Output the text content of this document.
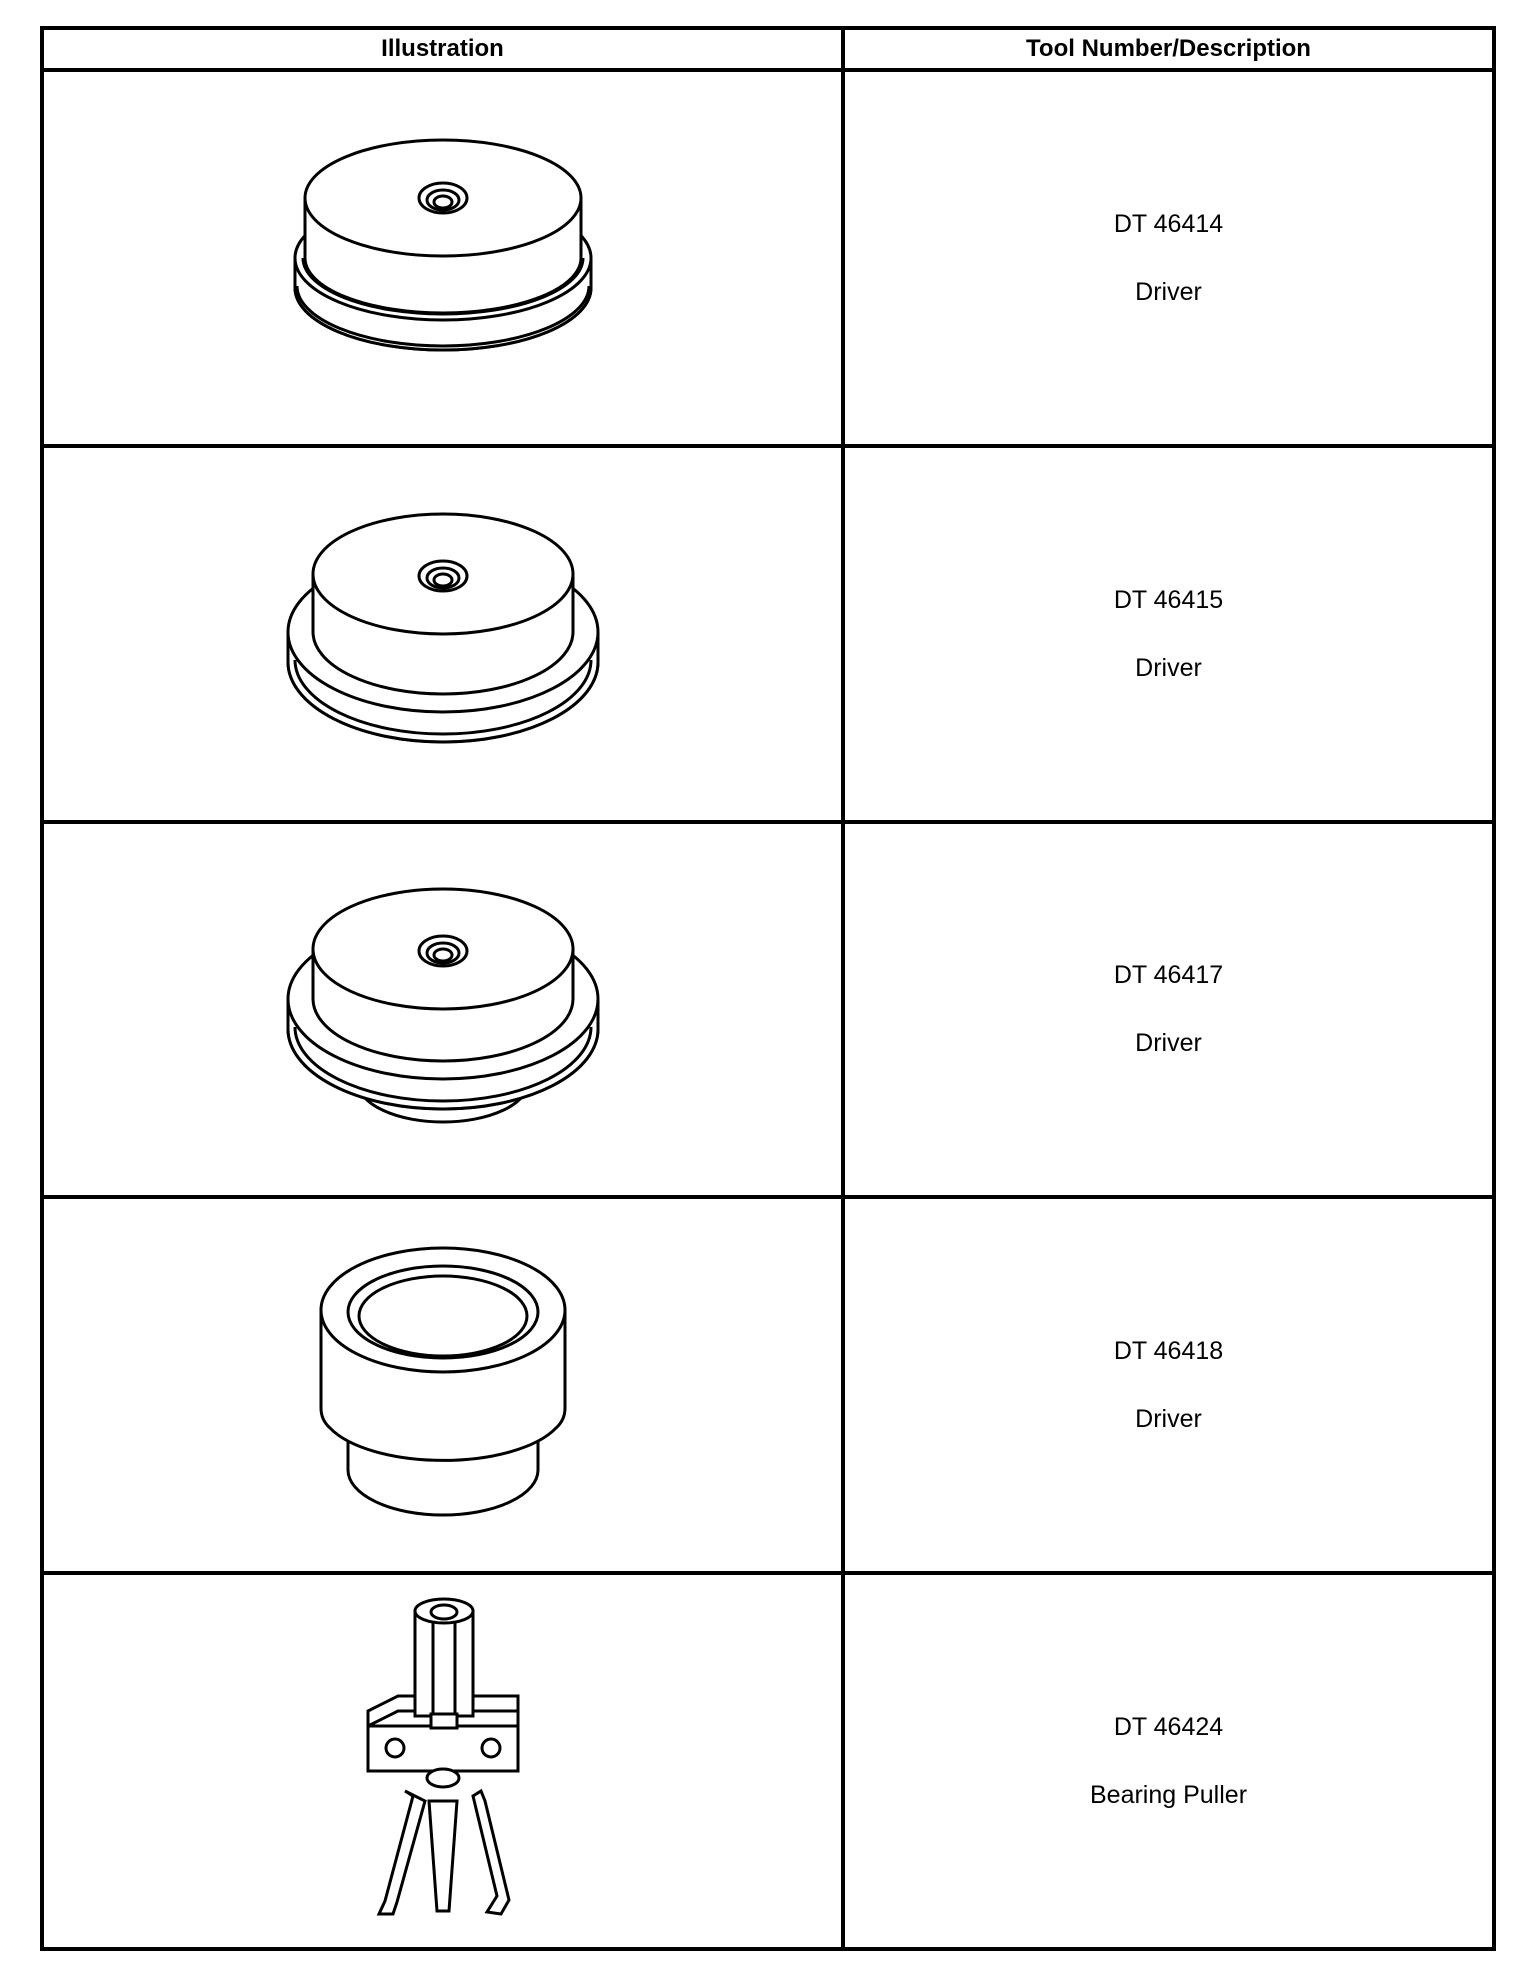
Illustration	Tool Number/Description

DT 46414
Driver

DT 46415
Driver

DT 46417
Driver

DT 46418
Driver

DT 46424
Bearing Puller
